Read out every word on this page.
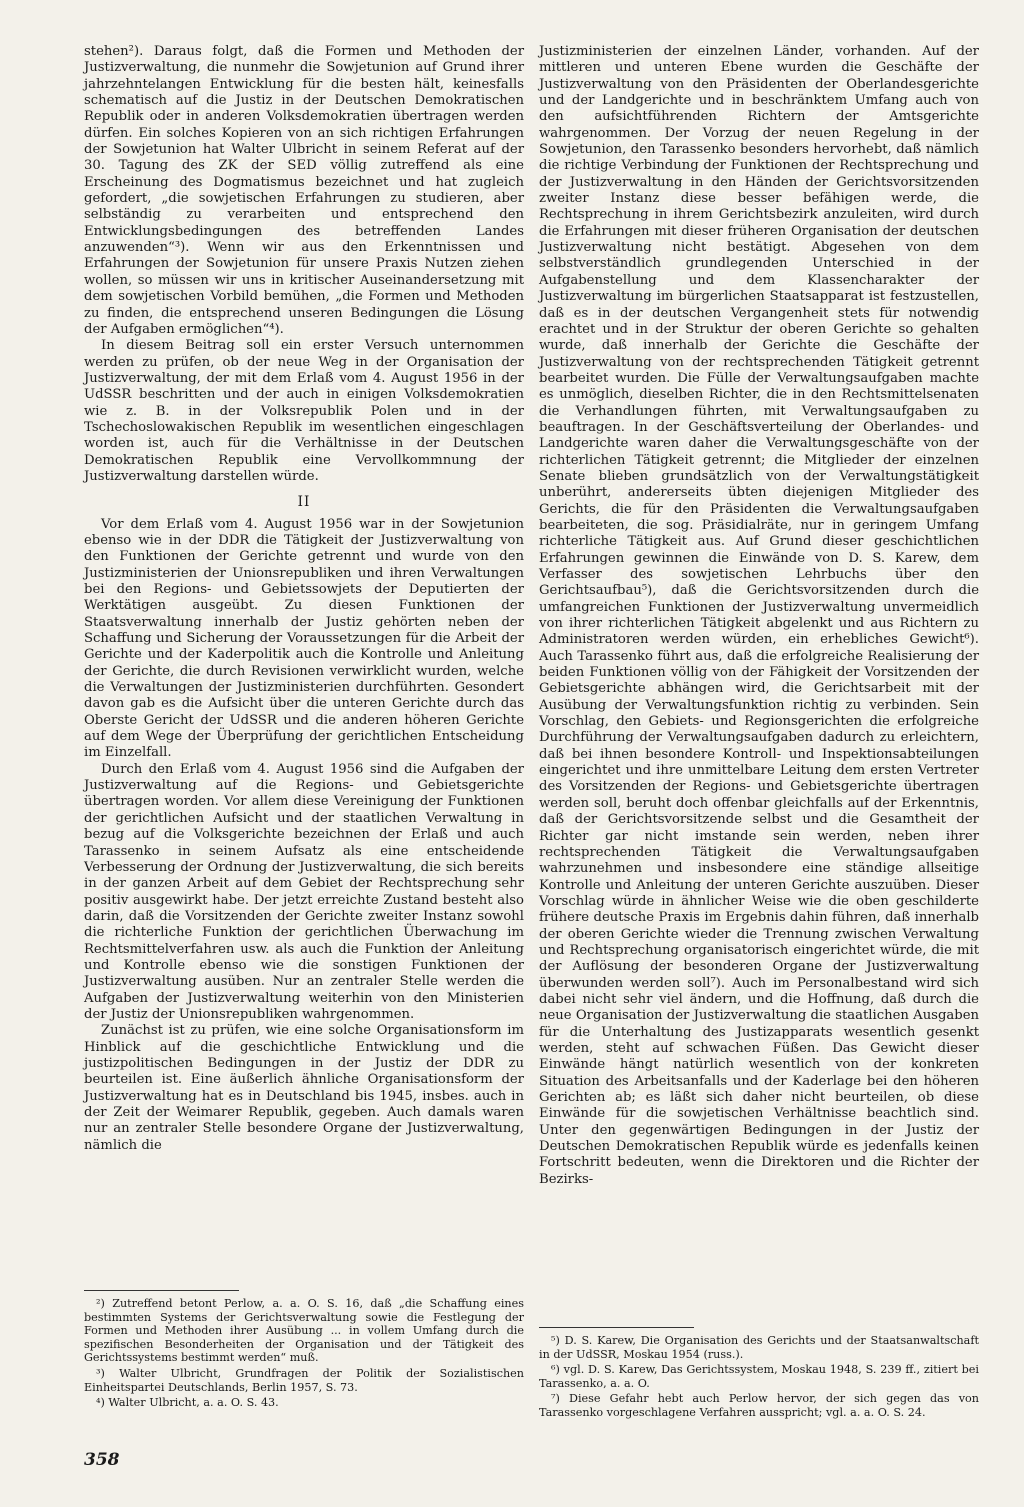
stehen²). Daraus folgt, daß die Formen und Methoden der Justizverwaltung, die nunmehr die Sowjetunion auf Grund ihrer jahrzehntelangen Entwicklung für die besten hält, keinesfalls schematisch auf die Justiz in der Deutschen Demokratischen Republik oder in anderen Volksdemokratien übertragen werden dürfen. Ein solches Kopieren von an sich richtigen Erfahrungen der Sowjetunion hat Walter Ulbricht in seinem Referat auf der 30. Tagung des ZK der SED völlig zutreffend als eine Erscheinung des Dogmatismus bezeichnet und hat zugleich gefordert, „die sowjetischen Erfahrungen zu studieren, aber selbständig zu verarbeiten und entsprechend den Entwicklungsbedingungen des betreffenden Landes anzuwenden“³). Wenn wir aus den Erkenntnissen und Erfahrungen der Sowjetunion für unsere Praxis Nutzen ziehen wollen, so müssen wir uns in kritischer Auseinandersetzung mit dem sowjetischen Vorbild bemühen, „die Formen und Methoden zu finden, die entsprechend unseren Bedingungen die Lösung der Aufgaben ermöglichen“⁴).

In diesem Beitrag soll ein erster Versuch unternommen werden zu prüfen, ob der neue Weg in der Organisation der Justizverwaltung, der mit dem Erlaß vom 4. August 1956 in der UdSSR beschritten und der auch in einigen Volksdemokratien wie z. B. in der Volksrepublik Polen und in der Tschechoslowakischen Republik im wesentlichen eingeschlagen worden ist, auch für die Verhältnisse in der Deutschen Demokratischen Republik eine Vervollkommnung der Justizverwaltung darstellen würde.

II

Vor dem Erlaß vom 4. August 1956 war in der Sowjetunion ebenso wie in der DDR die Tätigkeit der Justizverwaltung von den Funktionen der Gerichte getrennt und wurde von den Justizministerien der Unionsrepubliken und ihren Verwaltungen bei den Regions- und Gebietssowjets der Deputierten der Werktätigen ausgeübt. Zu diesen Funktionen der Staatsverwaltung innerhalb der Justiz gehörten neben der Schaffung und Sicherung der Voraussetzungen für die Arbeit der Gerichte und der Kaderpolitik auch die Kontrolle und Anleitung der Gerichte, die durch Revisionen verwirklicht wurden, welche die Verwaltungen der Justizministerien durchführten. Gesondert davon gab es die Aufsicht über die unteren Gerichte durch das Oberste Gericht der UdSSR und die anderen höheren Gerichte auf dem Wege der Überprüfung der gerichtlichen Entscheidung im Einzelfall.

Durch den Erlaß vom 4. August 1956 sind die Aufgaben der Justizverwaltung auf die Regions- und Gebietsgerichte übertragen worden. Vor allem diese Vereinigung der Funktionen der gerichtlichen Aufsicht und der staatlichen Verwaltung in bezug auf die Volksgerichte bezeichnen der Erlaß und auch Tarassenko in seinem Aufsatz als eine entscheidende Verbesserung der Ordnung der Justizverwaltung, die sich bereits in der ganzen Arbeit auf dem Gebiet der Rechtsprechung sehr positiv ausgewirkt habe. Der jetzt erreichte Zustand besteht also darin, daß die Vorsitzenden der Gerichte zweiter Instanz sowohl die richterliche Funktion der gerichtlichen Überwachung im Rechtsmittelverfahren usw. als auch die Funktion der Anleitung und Kontrolle ebenso wie die sonstigen Funktionen der Justizverwaltung ausüben. Nur an zentraler Stelle werden die Aufgaben der Justizverwaltung weiterhin von den Ministerien der Justiz der Unionsrepubliken wahrgenommen.

Zunächst ist zu prüfen, wie eine solche Organisationsform im Hinblick auf die geschichtliche Entwicklung und die justizpolitischen Bedingungen in der Justiz der DDR zu beurteilen ist. Eine äußerlich ähnliche Organisationsform der Justizverwaltung hat es in Deutschland bis 1945, insbes. auch in der Zeit der Weimarer Republik, gegeben. Auch damals waren nur an zentraler Stelle besondere Organe der Justizverwaltung, nämlich die

Justizministerien der einzelnen Länder, vorhanden. Auf der mittleren und unteren Ebene wurden die Geschäfte der Justizverwaltung von den Präsidenten der Oberlandesgerichte und der Landgerichte und in beschränktem Umfang auch von den aufsichtführenden Richtern der Amtsgerichte wahrgenommen. Der Vorzug der neuen Regelung in der Sowjetunion, den Tarassenko besonders hervorhebt, daß nämlich die richtige Verbindung der Funktionen der Rechtsprechung und der Justizverwaltung in den Händen der Gerichtsvorsitzenden zweiter Instanz diese besser befähigen werde, die Rechtsprechung in ihrem Gerichtsbezirk anzuleiten, wird durch die Erfahrungen mit dieser früheren Organisation der deutschen Justizverwaltung nicht bestätigt. Abgesehen von dem selbstverständlich grundlegenden Unterschied in der Aufgabenstellung und dem Klassencharakter der Justizverwaltung im bürgerlichen Staatsapparat ist festzustellen, daß es in der deutschen Vergangenheit stets für notwendig erachtet und in der Struktur der oberen Gerichte so gehalten wurde, daß innerhalb der Gerichte die Geschäfte der Justizverwaltung von der rechtsprechenden Tätigkeit getrennt bearbeitet wurden. Die Fülle der Verwaltungsaufgaben machte es unmöglich, dieselben Richter, die in den Rechtsmittelsenaten die Verhandlungen führten, mit Verwaltungsaufgaben zu beauftragen. In der Geschäftsverteilung der Oberlandes- und Landgerichte waren daher die Verwaltungsgeschäfte von der richterlichen Tätigkeit getrennt; die Mitglieder der einzelnen Senate blieben grundsätzlich von der Verwaltungstätigkeit unberührt, andererseits übten diejenigen Mitglieder des Gerichts, die für den Präsidenten die Verwaltungsaufgaben bearbeiteten, die sog. Präsidialräte, nur in geringem Umfang richterliche Tätigkeit aus. Auf Grund dieser geschichtlichen Erfahrungen gewinnen die Einwände von D. S. Karew, dem Verfasser des sowjetischen Lehrbuchs über den Gerichtsaufbau⁵), daß die Gerichtsvorsitzenden durch die umfangreichen Funktionen der Justizverwaltung unvermeidlich von ihrer richterlichen Tätigkeit abgelenkt und aus Richtern zu Administratoren werden würden, ein erhebliches Gewicht⁶). Auch Tarassenko führt aus, daß die erfolgreiche Realisierung der beiden Funktionen völlig von der Fähigkeit der Vorsitzenden der Gebietsgerichte abhängen wird, die Gerichtsarbeit mit der Ausübung der Verwaltungsfunktion richtig zu verbinden. Sein Vorschlag, den Gebiets- und Regionsgerichten die erfolgreiche Durchführung der Verwaltungsaufgaben dadurch zu erleichtern, daß bei ihnen besondere Kontroll- und Inspektionsabteilungen eingerichtet und ihre unmittelbare Leitung dem ersten Vertreter des Vorsitzenden der Regions- und Gebietsgerichte übertragen werden soll, beruht doch offenbar gleichfalls auf der Erkenntnis, daß der Gerichtsvorsitzende selbst und die Gesamtheit der Richter gar nicht imstande sein werden, neben ihrer rechtsprechenden Tätigkeit die Verwaltungsaufgaben wahrzunehmen und insbesondere eine ständige allseitige Kontrolle und Anleitung der unteren Gerichte auszuüben. Dieser Vorschlag würde in ähnlicher Weise wie die oben geschilderte frühere deutsche Praxis im Ergebnis dahin führen, daß innerhalb der oberen Gerichte wieder die Trennung zwischen Verwaltung und Rechtsprechung organisatorisch eingerichtet würde, die mit der Auflösung der besonderen Organe der Justizverwaltung überwunden werden soll⁷). Auch im Personalbestand wird sich dabei nicht sehr viel ändern, und die Hoffnung, daß durch die neue Organisation der Justizverwaltung die staatlichen Ausgaben für die Unterhaltung des Justizapparats wesentlich gesenkt werden, steht auf schwachen Füßen. Das Gewicht dieser Einwände hängt natürlich wesentlich von der konkreten Situation des Arbeitsanfalls und der Kaderlage bei den höheren Gerichten ab; es läßt sich daher nicht beurteilen, ob diese Einwände für die sowjetischen Verhältnisse beachtlich sind. Unter den gegenwärtigen Bedingungen in der Justiz der Deutschen Demokratischen Republik würde es jedenfalls keinen Fortschritt bedeuten, wenn die Direktoren und die Richter der Bezirks-

²) Zutreffend betont Perlow, a. a. O. S. 16, daß „die Schaffung eines bestimmten Systems der Gerichtsverwaltung sowie die Festlegung der Formen und Methoden ihrer Ausübung ... in vollem Umfang durch die spezifischen Besonderheiten der Organisation und der Tätigkeit des Gerichtssystems bestimmt werden“ muß.

³) Walter Ulbricht, Grundfragen der Politik der Sozialistischen Einheitspartei Deutschlands, Berlin 1957, S. 73.

⁴) Walter Ulbricht, a. a. O. S. 43.

⁵) D. S. Karew, Die Organisation des Gerichts und der Staatsanwaltschaft in der UdSSR, Moskau 1954 (russ.).

⁶) vgl. D. S. Karew, Das Gerichtssystem, Moskau 1948, S. 239 ff., zitiert bei Tarassenko, a. a. O.

⁷) Diese Gefahr hebt auch Perlow hervor, der sich gegen das von Tarassenko vorgeschlagene Verfahren ausspricht; vgl. a. a. O. S. 24.

358
